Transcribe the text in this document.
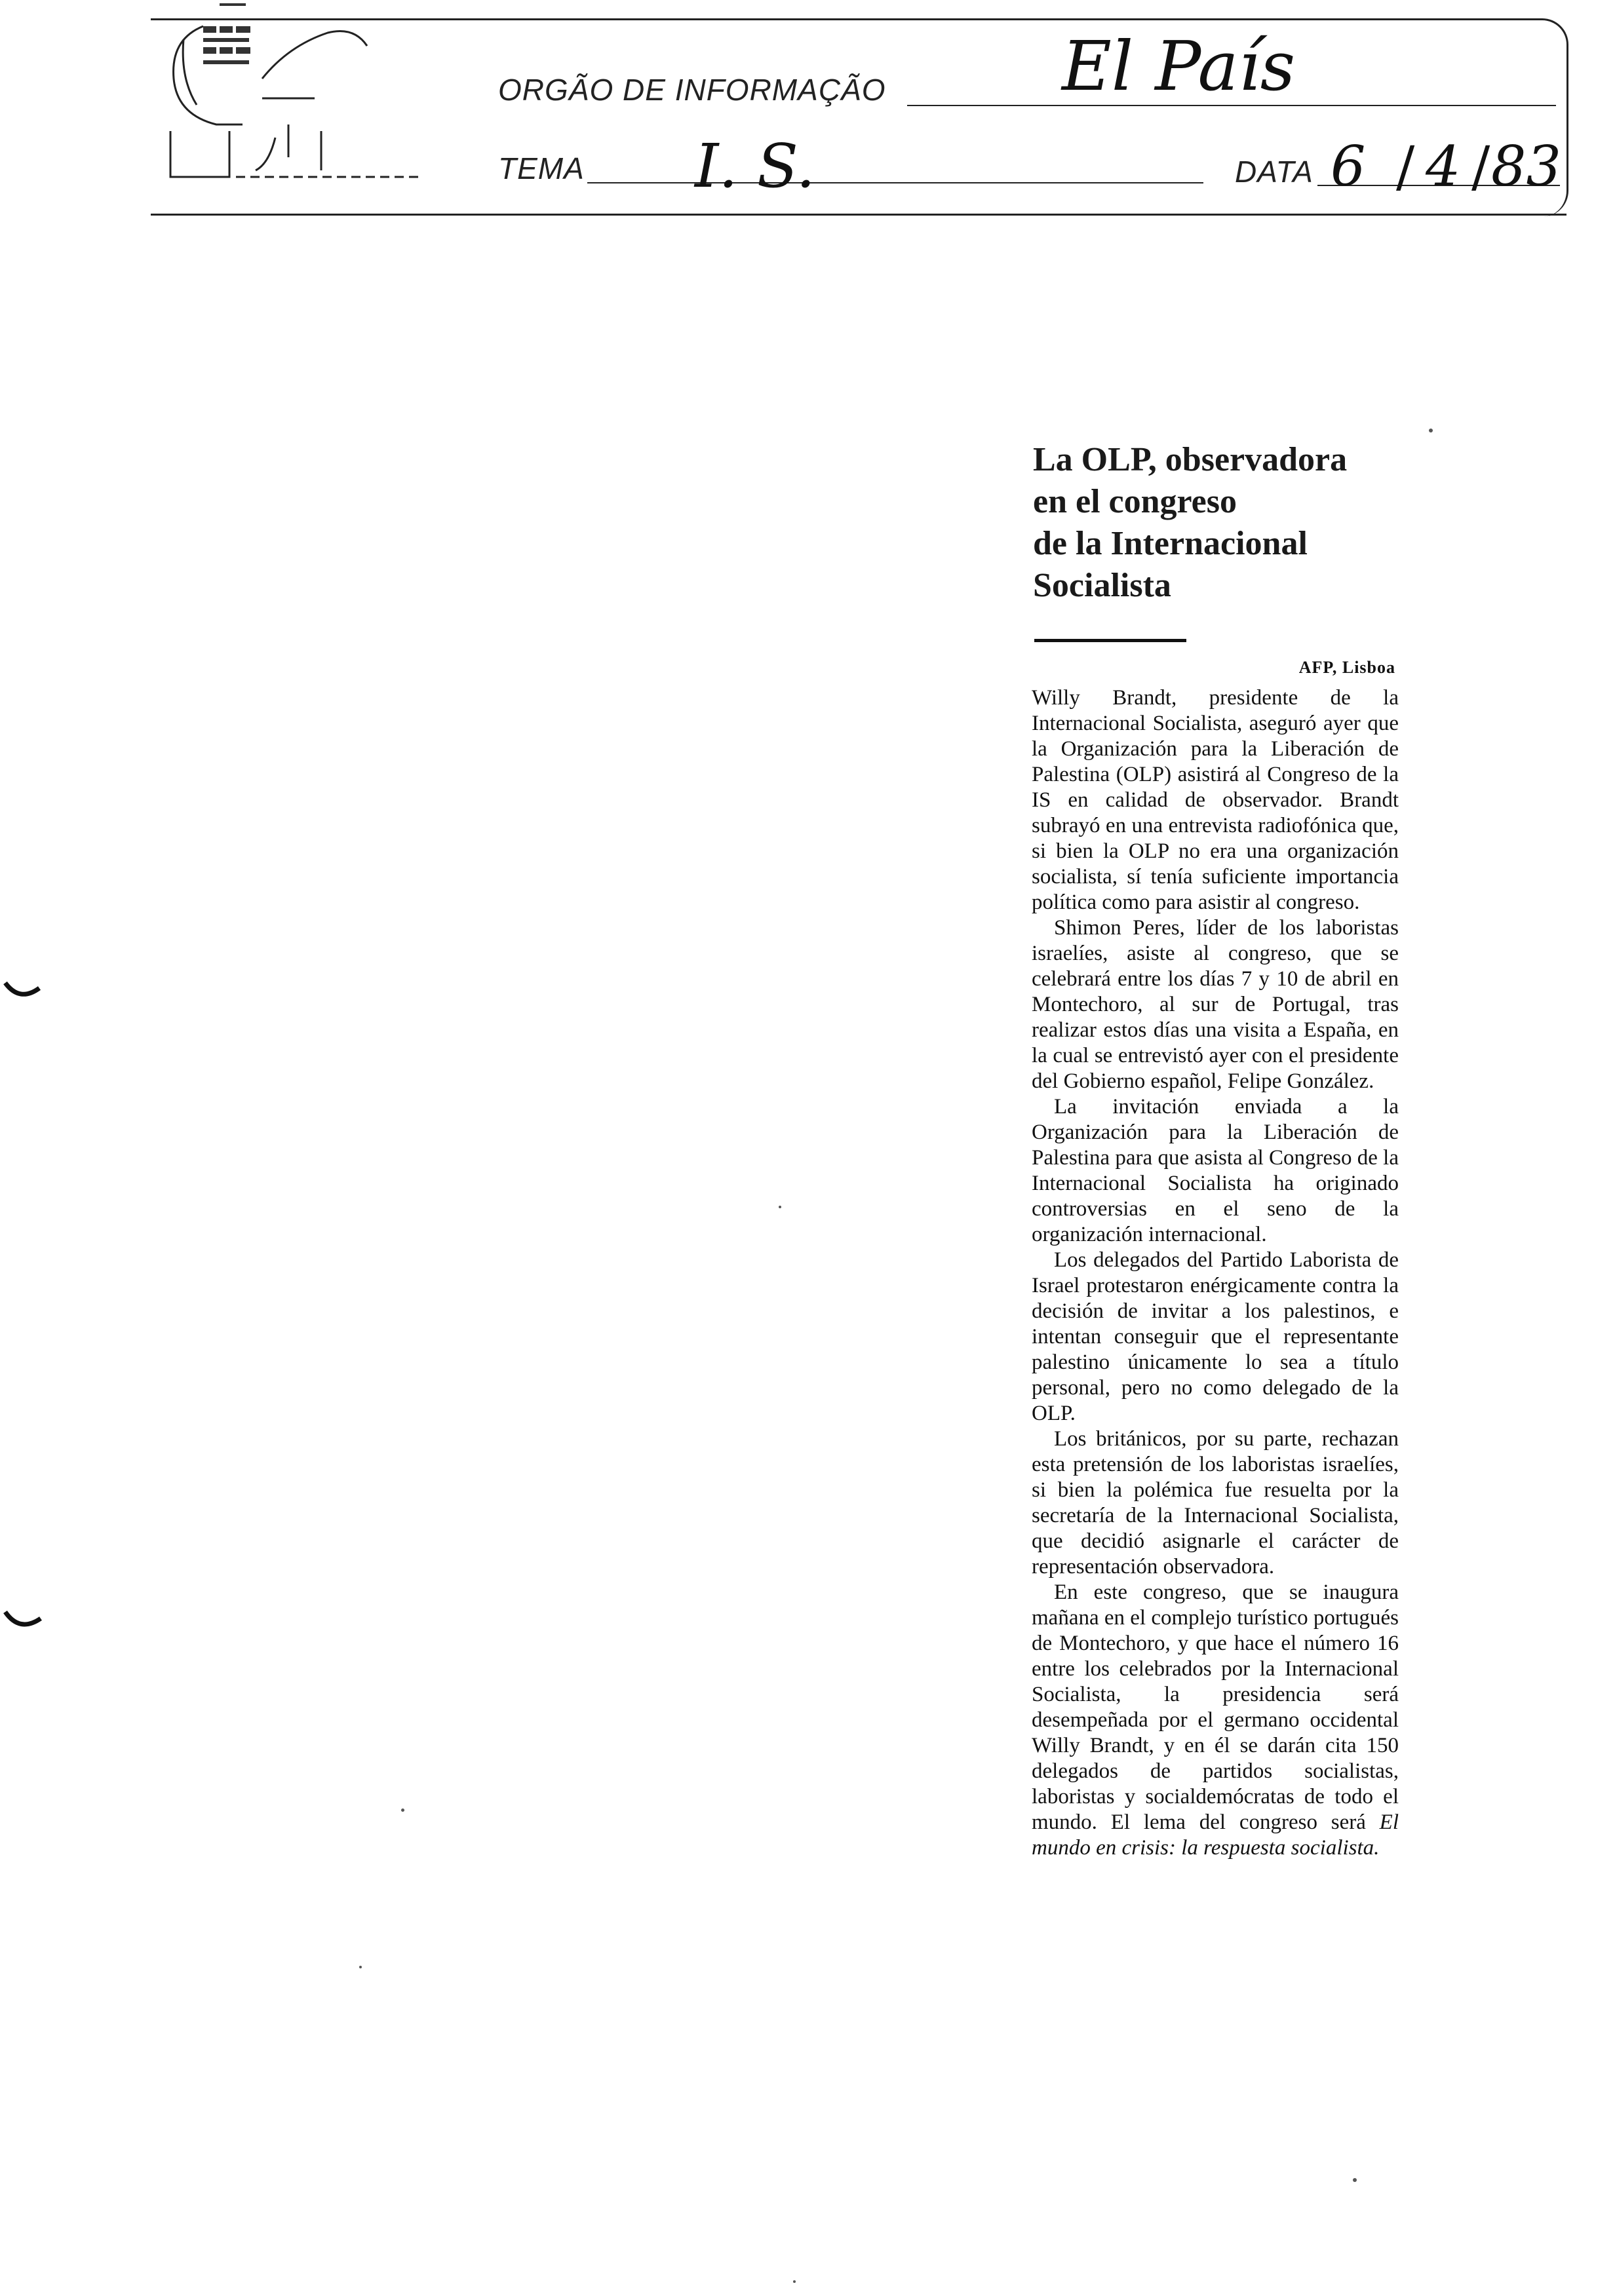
ORGÃO DE INFORMAÇÃO	El País
TEMA I. S.	DATA 6 / 4 / 83
La OLP, observadora
en el congreso
de la Internacional
Socialista
AFP, Lisboa

Willy Brandt, presidente de la Internacional Socialista, aseguró ayer que la Organización para la Liberación de Palestina (OLP) asistirá al Congreso de la IS en calidad de observador. Brandt subrayó en una entrevista radiofónica que, si bien la OLP no era una organización socialista, sí tenía suficiente importancia política como para asistir al congreso.

Shimon Peres, líder de los laboristas israelíes, asiste al congreso, que se celebrará entre los días 7 y 10 de abril en Montechoro, al sur de Portugal, tras realizar estos días una visita a España, en la cual se entrevistó ayer con el presidente del Gobierno español, Felipe González.

La invitación enviada a la Organización para la Liberación de Palestina para que asista al Congreso de la Internacional Socialista ha originado controversias en el seno de la organización internacional.

Los delegados del Partido Laborista de Israel protestaron enérgicamente contra la decisión de invitar a los palestinos, e intentan conseguir que el representante palestino únicamente lo sea a título personal, pero no como delegado de la OLP.

Los británicos, por su parte, rechazan esta pretensión de los laboristas israelíes, si bien la polémica fue resuelta por la secretaría de la Internacional Socialista, que decidió asignarle el carácter de representación observadora.

En este congreso, que se inaugura mañana en el complejo turístico portugués de Montechoro, y que hace el número 16 entre los celebrados por la Internacional Socialista, la presidencia será desempeñada por el germano occidental Willy Brandt, y en él se darán cita 150 delegados de partidos socialistas, laboristas y socialdemócratas de todo el mundo. El lema del congreso será El mundo en crisis: la respuesta socialista.
